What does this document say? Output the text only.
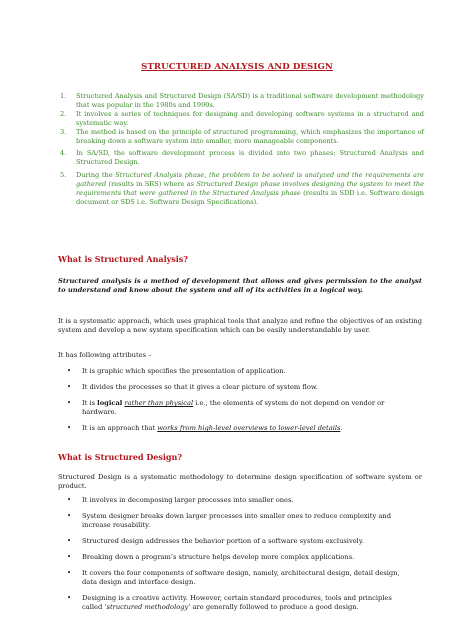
STRUCTURED ANALYSIS AND DESIGN
1. Structured Analysis and Structured Design (SA/SD) is a traditional software development methodology that was popular in the 1980s and 1990s.
2. It involves a series of techniques for designing and developing software systems in a structured and systematic way.
3. The method is based on the principle of structured programming, which emphasizes the importance of breaking down a software system into smaller, more manageable components.
4. In SA/SD, the software development process is divided into two phases: Structured Analysis and Structured Design.
5. During the Structured Analysis phase, the problem to be solved is analyzed and the requirements are gathered (results in SRS) where as Structured Design phase involves designing the system to meet the requirements that were gathered in the Structured Analysis phase (results in SDD i.e. Software design document or SDS i.e. Software Design Specifications).
What is Structured Analysis?

Structured analysis is a method of development that allows and gives permission to the analyst to understand and know about the system and all of its activities in a logical way.

It is a systematic approach, which uses graphical tools that analyze and refine the objectives of an existing system and develop a new system specification which can be easily understandable by user.

It has following attributes –

• It is graphic which specifies the presentation of application.
• It divides the processes so that it gives a clear picture of system flow.
• It is logical rather than physical i.e., the elements of system do not depend on vendor or hardware.
• It is an approach that works from high-level overviews to lower-level details.
What is Structured Design?

Structured Design is a systematic methodology to determine design specification of software system or product.

• It involves in decomposing larger processes into smaller ones.
• System designer breaks down larger processes into smaller ones to reduce complexity and increase reusability.
• Structured design addresses the behavior portion of a software system exclusively.
• Breaking down a program’s structure helps develop more complex applications.
• It covers the four components of software design, namely, architectural design, detail design, data design and interface design.
• Designing is a creative activity. However, certain standard procedures, tools and principles called ‘structured methodology’ are generally followed to produce a good design.
